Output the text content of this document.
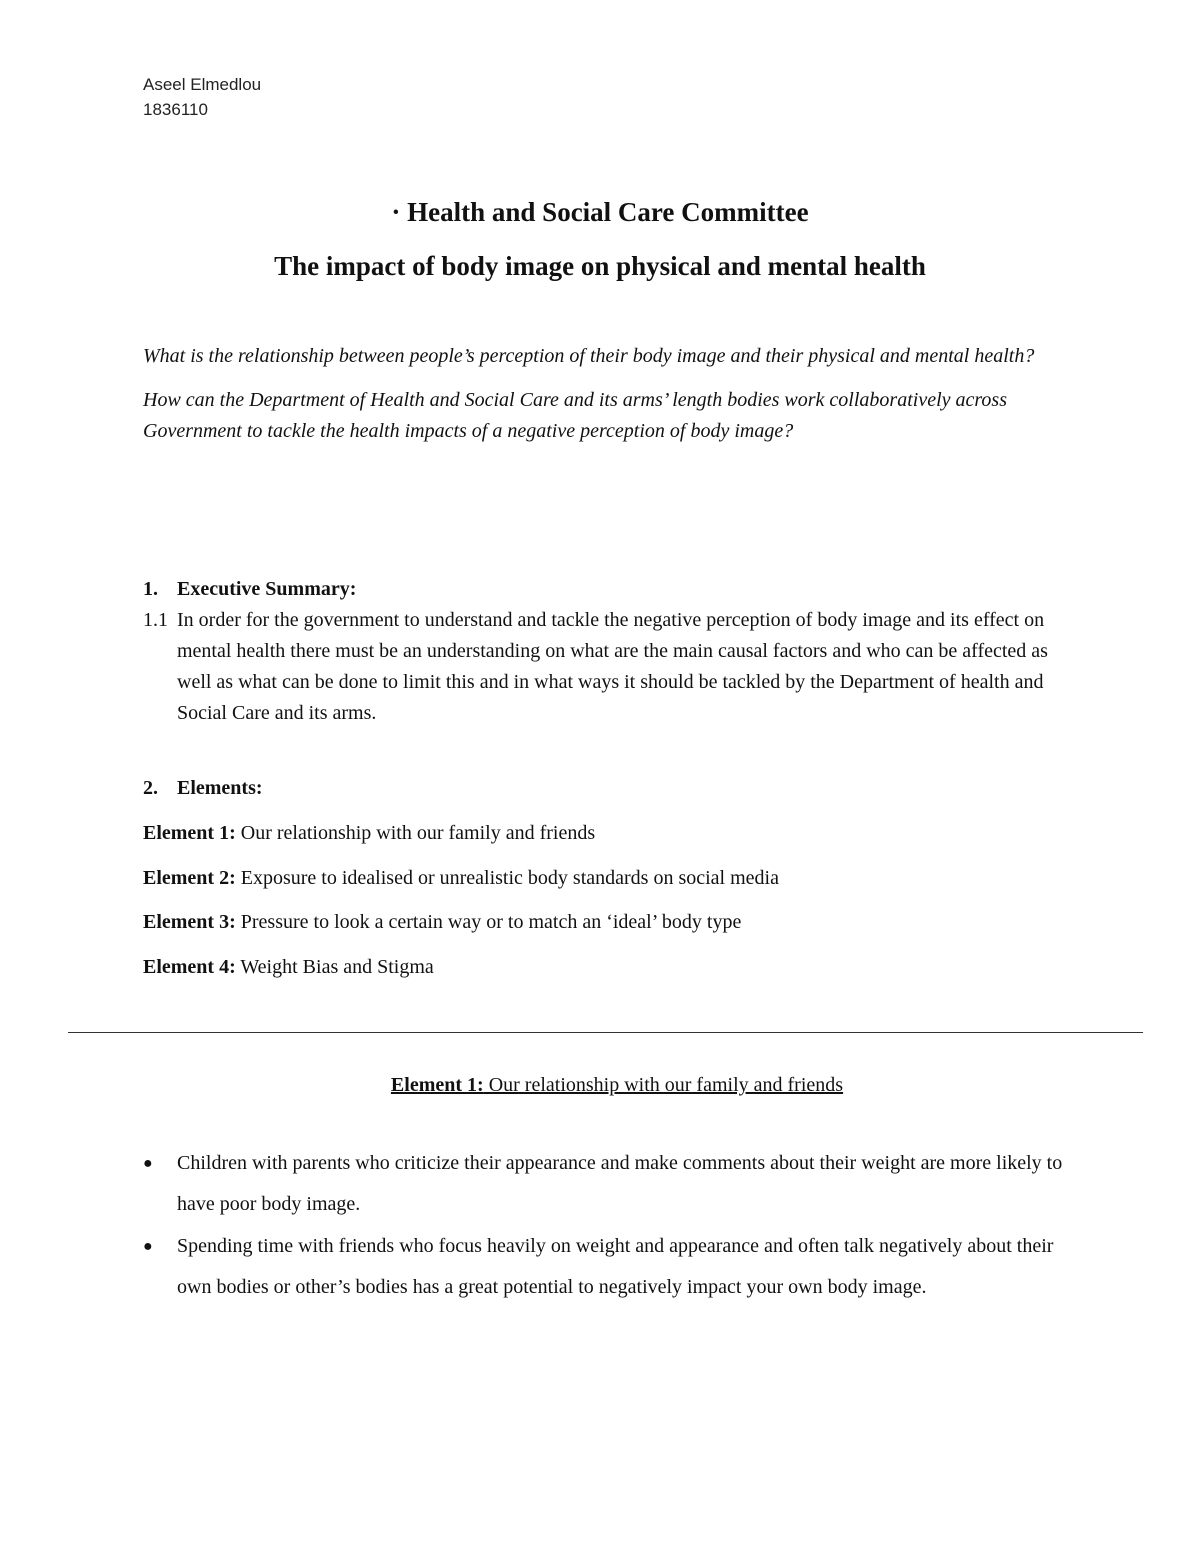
Aseel Elmedlou
1836110
· Health and Social Care Committee
The impact of body image on physical and mental health

What is the relationship between people’s perception of their body image and their physical and mental health?

How can the Department of Health and Social Care and its arms’ length bodies work collaboratively across Government to tackle the health impacts of a negative perception of body image?

1. Executive Summary:
1.1 In order for the government to understand and tackle the negative perception of body image and its effect on mental health there must be an understanding on what are the main causal factors and who can be affected as well as what can be done to limit this and in what ways it should be tackled by the Department of health and Social Care and its arms.
2. Elements:
Element 1: Our relationship with our family and friends
Element 2: Exposure to idealised or unrealistic body standards on social media
Element 3: Pressure to look a certain way or to match an ‘ideal’ body type
Element 4: Weight Bias and Stigma
Element 1: Our relationship with our family and friends
●	Children with parents who criticize their appearance and make comments about their weight are more likely to have poor body image.
●	Spending time with friends who focus heavily on weight and appearance and often talk negatively about their own bodies or other’s bodies has a great potential to negatively impact your own body image.
